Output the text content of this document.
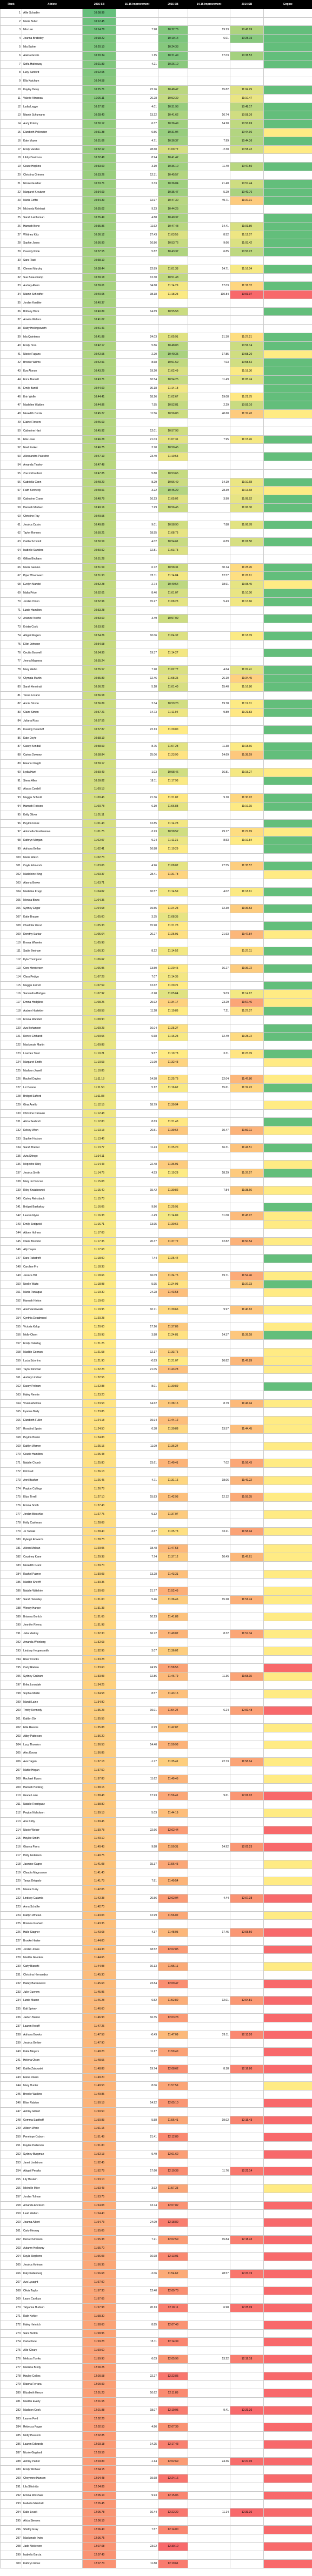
Rank	Athlete	2016 SB	15-16 Improvement	2015 SB	14-15 Improvement	2014 SB	Engine
1	Allie Schadler	10:08.99					
2	Marie Buller	10:12.45					
3	Mia Lee	10:14.78	7.98	10:22.76	19.23	10:41.99	
4	Joanna Brabidey	10:18.22		10:19.14	6.01	10:25.15	
5	Mia Barker	10:20.10		10:24.33			
6	Alaina Goslin	10:20.34	1.15	10:21.49	17.03	10:38.52	
7	Sofia Hathaway	10:21.89	4.21	10:26.10			
8	Lucy Sanford	10:22.05					
9	Ella Katchum	10:24.58					
10	Kayley Delay	10:25.71	22.76	10:48.47	15.82	11:04.29	
11	Valerie Almanza	10:26.11	26.28	10:52.39		11:10.47	
12	Lydia Legge	10:27.92	4.01	10:31.93		10:48.17	
13	Niamh Schumann	10:28.40	13.22	10:41.62	16.74	10:58.36	
14	Aurly Kolsky	10:30.12	6.37	10:36.49	14.20	10:50.69	
15	Elizabeth Pollenden	10:31.38	0.56	10:31.94		10:44.96	
16	Kate Moyer	10:31.66	4.71	10:36.37	7.99	10:44.36	
17	Emily Vanden	10:32.12	28.60	11:00.72	-2.30	10:58.42	
18	Libby Davidson	10:32.48	8.94	10:41.42			
19	Grace Hopkins	10:33.00	3.10	10:36.10	11.40	10:47.50	
20	Christina Grieves	10:33.26	12.31	10:45.57			
21	Nicole Gunther	10:33.71	2.33	10:36.04	21.40	10:57.44	
22	Margaret Kreutzer	10:34.09		10:35.47	5.29	10:40.76	
23	Maria Coffin	10:34.33	12.97	10:47.30	49.71	11:37.01	
24	Michaela Reinhart	10:35.02	9.23	10:44.25			
25	Sarah Leichsman	10:35.49	4.88	10:40.37			
26	Hannah Bone	10:35.86	11.62	10:47.48	14.41	11:01.89	
27	Whitney Klitz	10:36.12	27.43	11:03.55	8.52	11:12.07	
28	Sophie Jones	10:36.90	16.86	10:53.76	9.66	11:03.42	
29	Cassidy Pirtle	10:37.55	5.82	10:43.37	6.85	10:50.22	
30	Sara Flack	10:38.10					
31	Clemmi Murphy	10:38.44	22.89	11:01.33	14.71	11:16.04	
32	Sue Beauchamp	10:39.18	12.30	10:51.48			
33	Audrey Ahern	10:39.61	34.68	11:14.29	17.03	11:31.32	
34	Niamh Scheaffer	10:40.05	38.18	11:18.23	110.84	13:09.07	
35	Jordan Kuebler	10:40.37					
36	Brittany Brick	10:40.89	14.69	10:55.58			
37	Amelia Walters	10:41.02					
38	Ruby Hollingsworth	10:41.41					
39	Isla Quinteros	10:41.88	24.03	11:05.91	21.30	11:27.21	
40	Emily Horn	10:42.17	5.86	10:48.03		10:56.14	
41	Nicole Fagans	10:42.55	-2.20	10:40.35	17.85	10:58.20	
42	Brooke Willms	10:42.91	8.68	10:51.59	7.03	10:58.62	
43	Eva Alonso	10:43.29	19.20	11:02.49		11:18.30	
44	Erica Barnett	10:43.71	10.54	10:54.25	11.49	11:05.74	
45	Emily Banfill	10:44.00	30.18	11:14.18			
46	Erin Wolfe	10:44.41	18.26	11:02.67	19.08	11:21.75	
47	Madeline Walden	10:44.86	7.95	10:52.81	2.29	10:55.10	
48	Meredith Corda	10:45.27	11.56	10:56.83	40.60	11:37.43	
49	Elaine Flowers	10:45.63					
50	Catherine Hart	10:45.92	12.01	10:57.93			
51	Ella Lowe	10:46.28	21.03	11:07.31	7.95	11:15.26	
52	Noel Parker	10:46.75	3.70	10:50.45			
53	Allessandra Palestino	10:47.13	23.40	11:10.53			
54	Amanda Tinsley	10:47.48					
55	Zoe Richardson	10:47.85	5.80	10:53.65			
56	Gabriella Cann	10:48.20	8.29	10:56.49	14.19	11:10.68	
57	Faith Kennedy	10:48.51	-3.22	10:45.29	28.39	11:13.68	
58	Catharine Crane	10:48.79	16.23	11:05.02	3.90	11:08.92	
59	Hannah Madsen	10:49.16	7.29	10:56.45		11:06.30	
60	Christine Ray	10:49.55					
61	Jessica Castro	10:49.89	9.01	10:58.90	7.88	11:06.78	
62	Taylor Romero	10:50.21	18.55	11:08.76			
63	Caitlin Schmidt	10:50.59	4.02	10:54.61	6.89	11:01.50	
64	Isabelle Sanders	10:50.92	12.81	11:03.73			
65	Gillian Bircham	10:51.28					
66	Maria Gamino	10:51.59	6.72	10:58.31	30.14	11:28.45	
67	Piper Woodward	10:51.93	22.11	11:14.04	12.57	11:26.61	
68	Evelyn Mandel	10:52.28	-2.74	10:49.54	18.91	11:08.45	
69	Malia Price	10:52.61	8.46	11:01.07		11:10.00	
70	Jordan Oldon	10:52.96	15.27	11:08.23	5.43	11:13.66	
71	Lizzie Hamilton	10:53.28					
72	Arianne Noche	10:53.60	3.49	10:57.09			
73	Kristin Cook	10:53.92					
74	Abigail Rogers	10:54.26	10.06	11:04.32		11:18.09	
75	Elliot Johnson	10:54.58					
76	Cecilia Boswell	10:54.90	19.37	11:14.27			
77	Jenna Magness	10:55.24					
78	Mary Webb	10:55.57	7.20	11:02.77	4.64	11:07.41	
79	Olympia Martin	10:55.89	12.46	11:08.35	26.10	11:34.45	
80	Sarah Ammirati	10:56.22	5.18	11:01.40	15.40	11:16.80	
81	Tessa Lozano	10:56.58					
82	Annie Strode	10:56.89	2.34	10:59.23	19.78	11:19.01	
83	Claire Simon	10:57.21	14.73	11:11.94	9.89	11:21.83	
84	Juliana Ross	10:57.55					
85	Kassidy Dearduff	10:57.87	22.13	11:20.00			
86	Kate Doyle	10:58.19					
87	Casey Kendall	10:58.53	8.75	11:07.28	11.38	11:18.66	
88	Carina Downey	10:58.84	25.06	11:23.90	14.69	11:38.59	
89	Eleanor Knight	10:59.17					
90	Lydia Hunt	10:59.49	-1.03	10:58.46	16.81	11:15.27	
91	Sierra Alley	10:59.82	18.11	11:17.93			
92	Alyssa Cordell	11:00.13					
93	Maggie Schmitt	11:00.46	21.36	11:21.82	9.10	11:30.92	
94	Hannah Robson	11:00.78	6.10	11:06.88		11:19.15	
95	Kelly Oliver	11:01.11					
96	Peyton Fronk	11:01.43	12.85	11:14.28			
97	Antonella Scarbrosova	11:01.75	-3.23	10:58.52	29.17	11:27.69	
98	Kathryn Morgan	11:02.07	9.24	11:11.31	8.53	11:19.84	
99	Adriana Bellan	11:02.41	16.88	11:19.29			
100	Marie Walsh	11:02.73					
101	Cayle Edmonds	11:03.06	4.96	11:08.02	27.55	11:35.57	
102	Madeleine King	11:03.37	28.41	11:31.78			
103	Alanna Brown	11:03.71					
104	Madeline Krupp	11:04.02	10.57	11:14.59	4.02	11:18.61	
105	Monica Binns	11:04.35					
106	Sydney Edgar	11:04.68	19.55	11:24.23	12.30	11:36.53	
107	Katie Brause	11:05.00	3.35	11:08.35			
108	Charlotte Wood	11:05.33	15.90	11:21.23			
109	Dorothy Sarkar	11:05.64	20.27	11:25.91	21.93	11:47.84	
110	Emma Wheeler	11:05.98					
111	Sadie Benham	11:06.30	8.22	11:14.52		11:27.11	
112	Kyla Thompson	11:06.62					
113	Cora Hendersen	11:06.95	13.50	11:20.45	16.27	11:36.72	
114	Clara Pedigo	11:07.28	7.07	11:14.35			
115	Maggie Farrell	11:07.59	12.62	11:20.21			
116	Samantha Bridges	11:07.92	-2.28	11:05.64	9.03	11:14.67	
117	Emma Hodgkins	11:08.25	25.92	11:34.17	23.29	11:57.46	
118	Audrey Hostetter	11:08.58	11.28	11:19.86	7.21	11:27.07	
119	Emma Waddell	11:08.90					
120	Ava Bohannon	11:09.23	16.04	11:25.27			
121	Renee Ehrhardt	11:09.55	6.68	11:16.23	12.49	11:28.72	
122	Mackenzie Martin	11:09.88					
123	Lourdes Trost	11:10.21	9.57	11:19.78	3.31	11:23.09	
124	Margaret Smith	11:10.53	21.90	11:32.43			
125	Madison Jewell	11:10.85					
126	Rachel Davies	11:11.18	14.58	11:25.76	22.04	11:47.80	
127	Liz Delane	11:11.50	5.12	11:16.62	15.61	11:32.23	
128	Bridget Safford	11:11.83					
129	Gina Anello	11:12.15	18.79	11:30.94			
130	Christine Caravan	11:12.48					
131	Alicia Seaboch	11:12.80	8.63	11:21.43			
132	Kelsey Winn	11:13.13	26.51	11:39.64	10.47	11:50.11	
133	Sophie Hodson	11:13.46					
134	Sarah Brewer	11:13.77	11.43	11:25.20	16.31	11:41.51	
135	Avia Shingo	11:14.11					
136	Mcgeehe Riley	11:14.43	22.48	11:36.91			
137	Jessica Smith	11:14.75	4.53	11:19.28	18.29	11:37.57	
138	Mary Jo Duncan	11:15.08					
139	Riley Kwiatkowski	11:15.40	15.42	11:30.82	7.84	11:38.66	
140	Carley Reinsbach	11:15.73					
141	Bridget Baskakov	11:16.05	9.86	11:25.91			
142	Lauren Flynn	11:16.38	-1.49	11:14.89	31.08	11:45.97	
143	Emily Sedgwick	11:16.71	13.95	11:30.66			
144	Abbey Holmes	11:17.03					
145	Claire Bonomo	11:17.35	20.37	11:37.72	12.82	11:50.54	
146	Ally Hayes	11:17.68					
147	Kara Pabatroft	11:18.00	7.44	11:25.44			
148	Caroline Fry	11:18.33					
149	Jessica Hill	11:18.66	16.09	11:34.75	19.71	11:54.46	
150	Noelle Watts	11:18.98	5.95	11:24.93		11:37.03	
151	Maria Paniagua	11:19.30	24.28	11:43.58			
152	Hannah Hinton	11:19.63					
153	Ariel Vandewalle	11:19.95	10.71	11:30.66	9.97	11:40.63	
154	Cynthia Deadmond	11:20.28					
155	Victoria Kalop	11:20.60	17.26	11:37.86			
156	Molly Olsen	11:20.93	3.88	11:24.81	14.37	11:39.18	
157	Emily Ostertag	11:21.25					
158	Maddie Gorman	11:21.58	12.17	11:33.75			
159	Lucia Sciortino	11:21.90	-0.83	11:21.07	26.82	11:47.89	
160	Taylor Kirkman	11:22.23	21.05	11:43.28			
161	Audrey Lindner	11:22.55					
162	Kacey Pelham	11:22.88	8.01	11:30.89			
163	Haley Rennie	11:23.20					
164	Vivian Ahotone	11:23.53	14.62	11:38.15	8.79	11:46.94	
165	Iryanna Bady	11:23.85					
166	Elizabeth Fuller	11:24.18	19.94	11:44.12			
167	Rosalind Spain	11:24.50	6.38	11:30.88	13.57	11:44.45	
168	Peyton Brown	11:24.83					
169	Kaitlyn Warren	11:25.15	11.09	11:36.24			
170	Gracie Hamilton	11:25.48					
171	Natalie Church	11:25.80	23.61	11:49.41	7.02	11:56.43	
172	Kili Pratt	11:26.13					
173	Anni Bucher	11:26.45	4.71	11:31.16	18.06	11:49.22	
174	Payton Cullings	11:26.78					
175	Eliza Tirrell	11:27.10	15.83	11:42.93	12.12	11:55.05	
176	Emma Smith	11:27.43					
177	Jordan Bieschke	11:27.75	9.32	11:37.07			
178	Holly Cashman	11:28.08					
179	Jo Tamaki	11:28.40	-2.67	11:25.73	33.21	11:58.94	
180	Kyleigh Edwards	11:28.73					
181	Aileen Mclean	11:29.05	18.48	11:47.53			
182	Courtney Kane	11:29.38	7.74	11:37.12	10.49	11:47.61	
183	Meredith Grant	11:29.70					
184	Rachel Palmer	11:30.03	13.28	11:43.31			
185	Maddie Sheriff	11:30.35					
186	Natalie Wiltshire	11:30.68	21.77	11:52.45			
187	Sarah Tanksley	11:31.00	5.46	11:36.46	15.28	11:51.74	
188	Wendy Harper	11:31.33					
189	Brianna Gorlich	11:31.65	10.23	11:41.88			
190	Jennifer Rivera	11:31.98					
191	Julia Markey	11:32.30	16.72	11:49.02	8.32	11:57.34	
192	Amanda Weinberg	11:32.63					
193	Lindsey Heppersmith	11:32.95	3.07	11:36.02			
194	River Crooks	11:33.28					
195	Carly Riebau	11:33.60	24.95	11:58.55			
196	Sydney Graham	11:33.93	12.86	11:46.79	11.36	11:58.15	
197	Erika Lonsdale	11:34.25					
198	Sophia Martin	11:34.58	8.57	11:43.15			
199	Mandi Laine	11:34.90					
200	Trinity Kennedy	11:35.23	19.01	11:54.24	6.24	12:00.48	
201	Kaitlyn Dix	11:35.55					
202	Ellie Reeves	11:35.88	6.99	11:42.87			
203	Abby Patterson	11:36.20					
204	Lucy Thornton	11:36.53	14.40	11:50.93			
205	Alex Koons	11:36.85					
206	Ava Hagan	11:37.18	-1.77	11:35.41	22.73	11:58.14	
207	Mattie Hogan	11:37.50					
208	Rachael Evans	11:37.83	11.62	11:49.45			
209	Hannah Hocking	11:38.15					
210	Grace Lowe	11:38.48	17.93	11:56.41	9.61	12:06.02	
211	Natalie Rodriguez	11:38.80					
212	Peyton Nicholson	11:39.13	5.03	11:44.16			
213	Ana Kirby	11:39.45					
214	Nicole Weber	11:39.78	22.66	12:02.44			
215	Haylee Smith	11:40.10					
216	Gianna Parra	11:40.43	9.88	11:50.31	14.92	12:05.23	
217	Holly Anderson	11:40.75					
218	Jasmine Gagne	11:41.08	15.37	11:56.45			
219	Claudia Magnusson	11:41.40					
220	Tanya Delgado	11:41.73	7.81	11:49.54			
221	Maura Curry	11:42.05					
222	Lindsey Calamia	11:42.38	20.56	12:02.94	4.44	12:07.38	
223	Anna Schaller	11:42.70					
224	Kaitlyn Whelan	11:43.03	12.99	11:56.02			
225	Brianna Graham	11:43.35					
226	Halle Stagner	11:43.68	4.37	11:48.05	17.45	12:05.50	
227	Brooke Hester	11:44.00					
228	Jordan Jones	11:44.33	18.52	12:02.85			
229	Maddie Goeders	11:44.65					
230	Carly Bianchi	11:44.98	10.13	11:55.11			
231	Christina Hernandez	11:45.30					
232	Hailey Baranowski	11:45.63	23.84	12:09.47			
233	Julie Guenow	11:45.95					
234	Lizzie Mason	11:46.28	6.52	11:52.80	12.01	12:04.81	
235	Kali Spivey	11:46.60					
236	Jaiden Barron	11:46.93	16.35	12:03.28			
237	Lauren Kropff	11:47.25					
238	Adriana Brooks	11:47.58	-0.49	11:47.09	26.11	12:13.20	
239	Jessica Gerber	11:47.90					
240	Katie Meyers	11:48.23	11.17	11:59.40			
241	Helena Olson	11:48.55					
242	Kaitlin Zakowski	11:48.88	19.74	12:08.62	8.18	12:16.80	
243	Elena Rivers	11:49.20					
244	Mary Hunter	11:49.53	8.06	11:57.59			
245	Brooke Watkins	11:49.85					
246	Elise Ralston	11:50.18	14.92	12:05.10			
247	Ashley Gilbert	11:50.50					
248	Gemma Saathoff	11:50.83	5.58	11:56.41	19.02	12:15.43	
249	Allison Wede	11:51.15					
250	Penelope Osborn	11:51.48	21.41	12:12.89			
251	Kaylee Patterson	11:51.80					
252	Sydney Burgman	11:52.13	9.49	12:01.62			
253	Janet Lindstrom	11:52.45					
254	Abigail Peralta	11:52.78	17.60	12:10.38	11.76	12:22.14	
255	Lily Haslam	11:53.10					
256	Michelle Miler	11:53.43	3.92	11:57.35			
257	Jordan Tolman	11:53.75					
258	Amanda Erickson	11:54.08	13.74	12:07.82			
259	Leah Walton	11:54.40					
260	Joanna Albert	11:54.73	24.09	12:18.82			
261	Carly Herzog	11:55.05					
262	Dena Ovmsiazo	11:55.38	7.21	12:02.59	15.84	12:18.43	
263	Autumn Holloway	11:55.70					
264	Kayla Stephens	11:56.03	16.98	12:13.01			
265	Jessica Hofman	11:56.35					
266	Katy Kallenberg	11:56.68	-2.06	11:54.62	28.57	12:23.19	
267	Ava Lysaght	11:57.00					
268	Olivia Taylor	11:57.33	12.40	12:09.73			
269	Laura Cardoza	11:57.65					
270	Tatyanna Hudson	11:57.98	20.13	12:18.11	6.98	12:25.09	
271	Ruth Kohler	11:58.30					
272	Haley Heinrich	11:58.63	8.85	12:07.48			
273	Sara Burton	11:58.95					
274	Carla Pace	11:59.28	15.11	12:14.39			
275	Allie Cleary	11:59.60					
276	Melissa Tomko	11:59.93	6.03	12:05.96	13.22	12:19.18	
277	Mariana Brody	12:00.25					
278	Hayley Collins	12:00.58	22.27	12:22.85			
279	Rianna Ferrara	12:00.90					
280	Elizabeth Henze	12:01.23	10.62	12:11.85			
281	Maddie Everly	12:01.55					
282	Madison Cook	12:01.88	18.07	12:19.95	9.41	12:29.36	
283	Lauren Ford	12:02.20					
284	Rebecca Fagan	12:02.53	4.86	12:07.39			
285	Molly Peacock	12:02.85					
286	Lauren Edwards	12:03.18	14.25	12:17.43			
287	Nicole Gagliardi	12:03.50					
288	Ashley Parker	12:03.83	-1.14	12:02.69	24.36	12:27.05	
289	Emily Wichser	12:04.15					
290	Cheyenne Hansen	12:04.48	19.68	12:24.16			
291	Lila Shishido	12:04.80					
292	Emma Weishaar	12:05.13	9.93	12:15.06			
293	Isabella Marshall	12:05.45					
294	Kalie Leuck	12:05.78	16.44	12:22.22	11.14	12:33.36	
295	Alicia Steeves	12:06.10					
296	Shelby Gray	12:06.43	7.57	12:14.00			
297	Mackenzie Irwin	12:06.75					
298	Jade Nickerson	12:07.08	23.02	12:30.10			
299	Isabella Garcia	12:07.40					
300	Kathryn Rioux	12:07.73	11.88	12:19.61			
